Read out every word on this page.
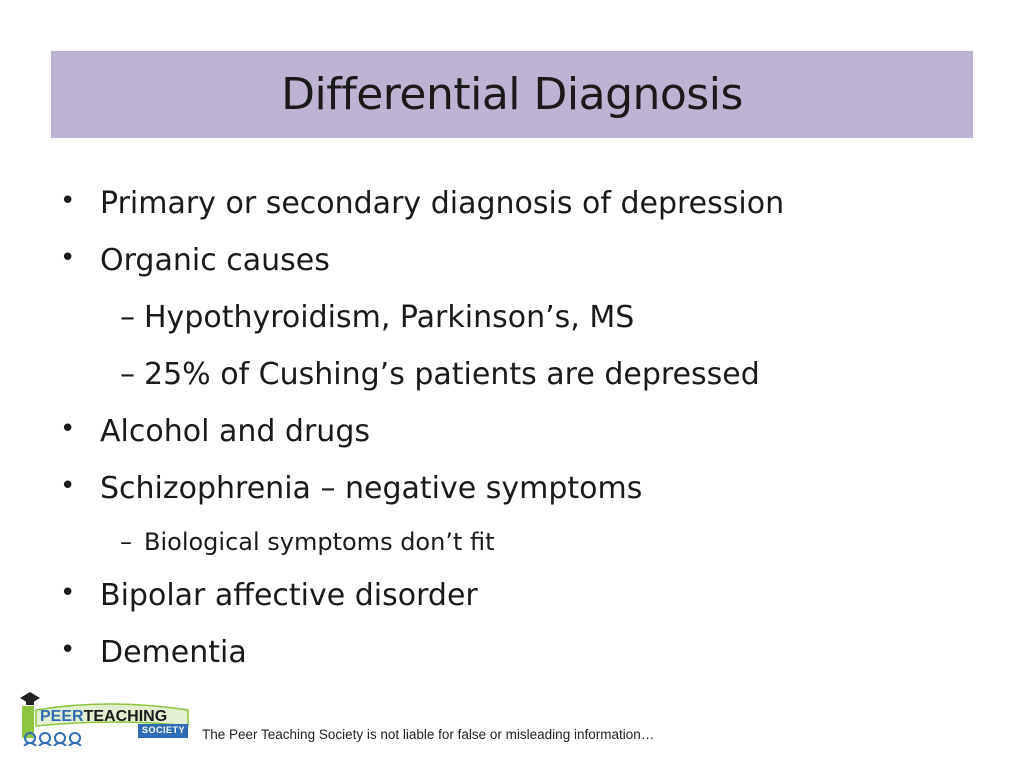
Differential Diagnosis
• Primary or secondary diagnosis of depression
• Organic causes
– Hypothyroidism, Parkinson’s, MS
– 25% of Cushing’s patients are depressed
• Alcohol and drugs
• Schizophrenia – negative symptoms
– Biological symptoms don’t fit
• Bipolar affective disorder
• Dementia
PEERTEACHING
SOCIETY The Peer Teaching Society is not liable for false or misleading information…
